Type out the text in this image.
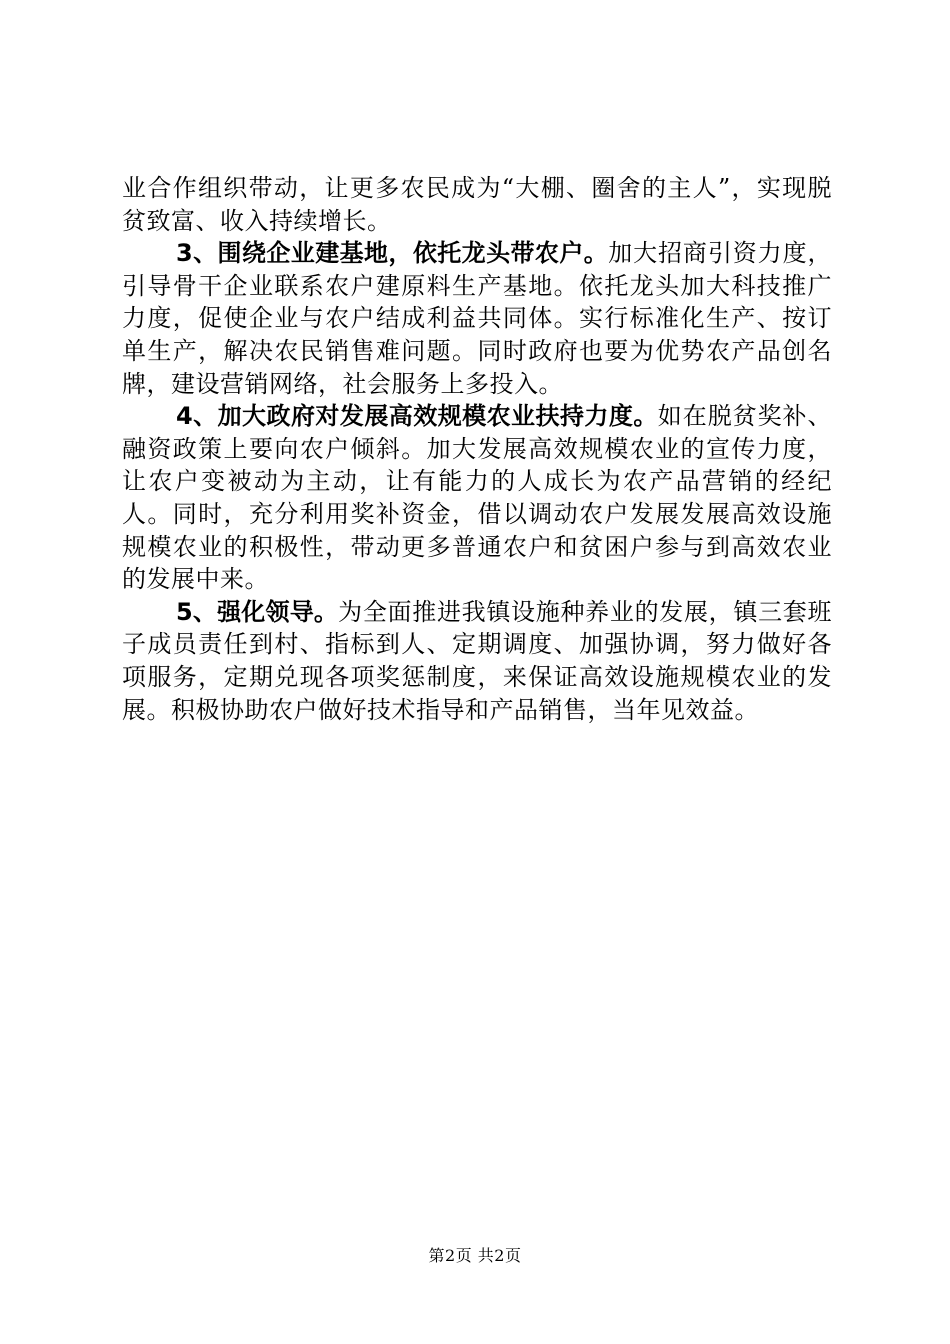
业合作组织带动，让更多农民成为“大棚、圈舍的主人”，实现脱贫致富、收入持续增长。

3、围绕企业建基地，依托龙头带农户。加大招商引资力度，引导骨干企业联系农户建原料生产基地。依托龙头加大科技推广力度，促使企业与农户结成利益共同体。实行标准化生产、按订单生产，解决农民销售难问题。同时政府也要为优势农产品创名牌，建设营销网络，社会服务上多投入。

4、加大政府对发展高效规模农业扶持力度。如在脱贫奖补、融资政策上要向农户倾斜。加大发展高效规模农业的宣传力度，让农户变被动为主动，让有能力的人成长为农产品营销的经纪人。同时，充分利用奖补资金，借以调动农户发展发展高效设施规模农业的积极性，带动更多普通农户和贫困户参与到高效农业的发展中来。

5、强化领导。为全面推进我镇设施种养业的发展，镇三套班子成员责任到村、指标到人、定期调度、加强协调，努力做好各项服务，定期兑现各项奖惩制度，来保证高效设施规模农业的发展。积极协助农户做好技术指导和产品销售，当年见效益。

第2页 共2页
